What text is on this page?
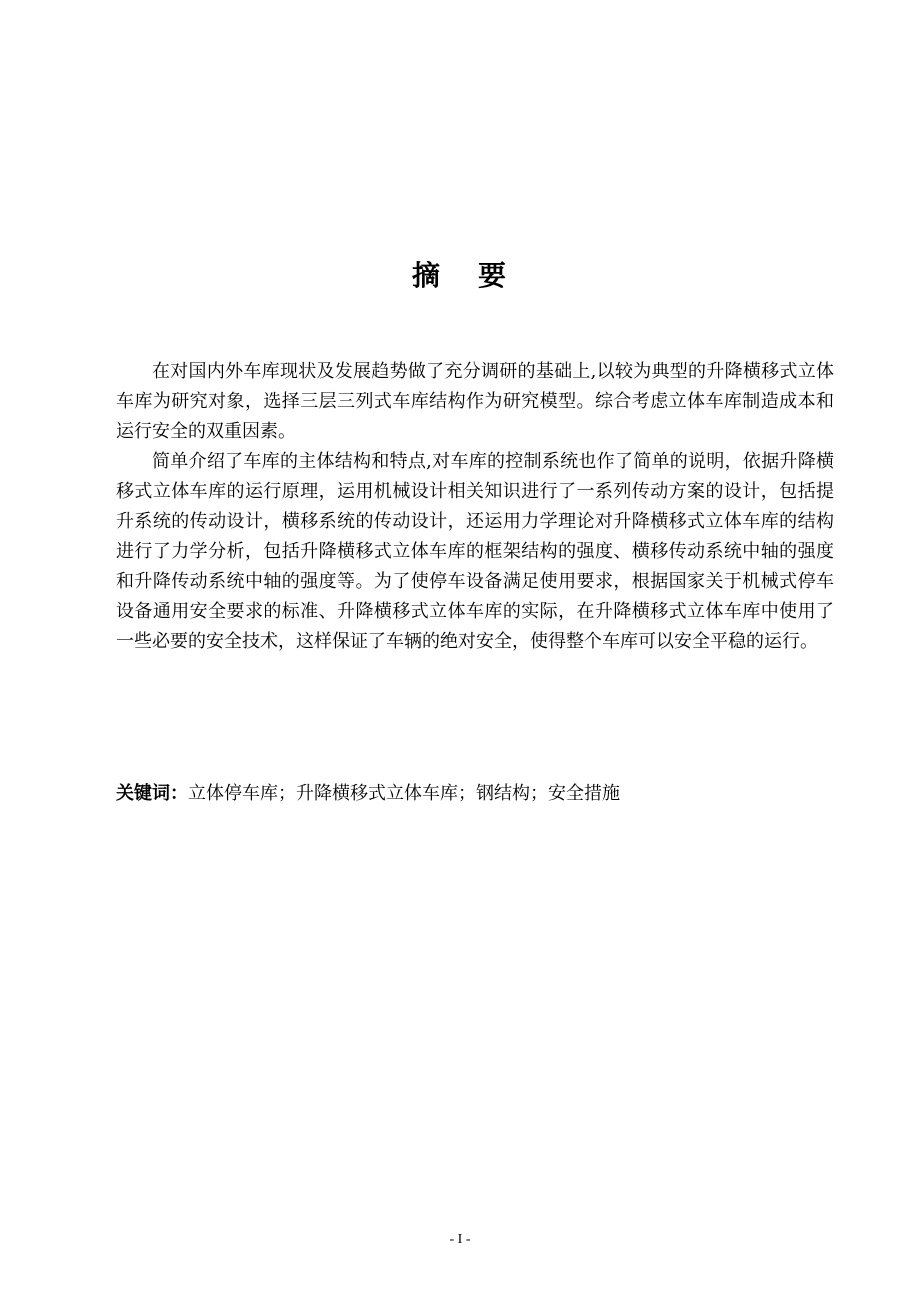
摘 要

在对国内外车库现状及发展趋势做了充分调研的基础上,以较为典型的升降横移式立体车库为研究对象，选择三层三列式车库结构作为研究模型。综合考虑立体车库制造成本和运行安全的双重因素。

简单介绍了车库的主体结构和特点,对车库的控制系统也作了简单的说明，依据升降横移式立体车库的运行原理，运用机械设计相关知识进行了一系列传动方案的设计，包括提升系统的传动设计，横移系统的传动设计，还运用力学理论对升降横移式立体车库的结构进行了力学分析，包括升降横移式立体车库的框架结构的强度、横移传动系统中轴的强度和升降传动系统中轴的强度等。为了使停车设备满足使用要求，根据国家关于机械式停车设备通用安全要求的标准、升降横移式立体车库的实际，在升降横移式立体车库中使用了一些必要的安全技术，这样保证了车辆的绝对安全，使得整个车库可以安全平稳的运行。

关键词：立体停车库；升降横移式立体车库；钢结构；安全措施
- I -
